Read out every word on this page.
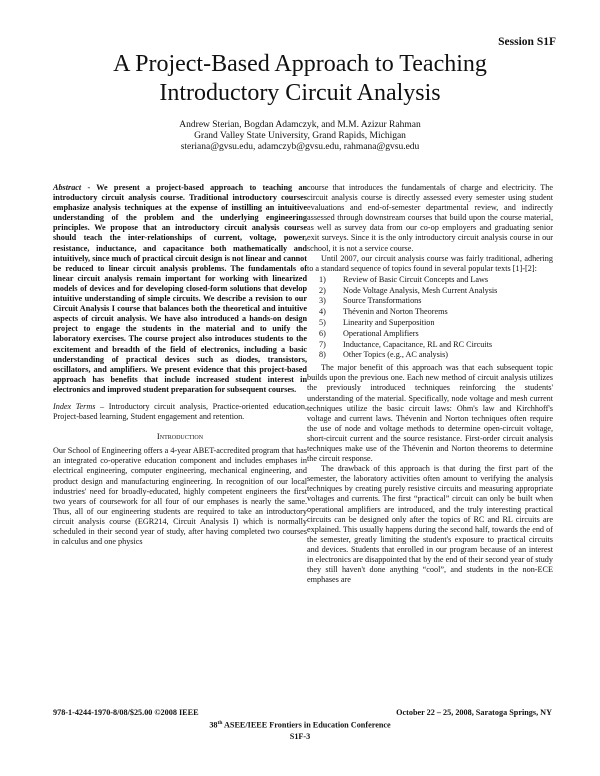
Session S1F
A Project-Based Approach to Teaching
Introductory Circuit Analysis
Andrew Sterian, Bogdan Adamczyk, and M.M. Azizur Rahman
Grand Valley State University, Grand Rapids, Michigan
steriana@gvsu.edu, adamczyb@gvsu.edu, rahmana@gvsu.edu

Abstract - We present a project-based approach to teaching an introductory circuit analysis course. Traditional introductory courses emphasize analysis techniques at the expense of instilling an intuitive understanding of the problem and the underlying engineering principles. We propose that an introductory circuit analysis course should teach the inter-relationships of current, voltage, power, resistance, inductance, and capacitance both mathematically and intuitively, since much of practical circuit design is not linear and cannot be reduced to linear circuit analysis problems. The fundamentals of linear circuit analysis remain important for working with linearized models of devices and for developing closed-form solutions that develop intuitive understanding of simple circuits. We describe a revision to our Circuit Analysis I course that balances both the theoretical and intuitive aspects of circuit analysis. We have also introduced a hands-on design project to engage the students in the material and to unify the laboratory exercises. The course project also introduces students to the excitement and breadth of the field of electronics, including a basic understanding of practical devices such as diodes, transistors, oscillators, and amplifiers. We present evidence that this project-based approach has benefits that include increased student interest in electronics and improved student preparation for subsequent courses.

Index Terms – Introductory circuit analysis, Practice-oriented education, Project-based learning, Student engagement and retention.

Introduction

Our School of Engineering offers a 4-year ABET-accredited program that has an integrated co-operative education component and includes emphases in electrical engineering, computer engineering, mechanical engineering, and product design and manufacturing engineering. In recognition of our local industries' need for broadly-educated, highly competent engineers the first two years of coursework for all four of our emphases is nearly the same. Thus, all of our engineering students are required to take an introductory circuit analysis course (EGR214, Circuit Analysis I) which is normally scheduled in their second year of study, after having completed two courses in calculus and one physics

course that introduces the fundamentals of charge and electricity. The circuit analysis course is directly assessed every semester using student evaluations and end-of-semester departmental review, and indirectly assessed through downstream courses that build upon the course material, as well as survey data from our co-op employers and graduating senior exit surveys. Since it is the only introductory circuit analysis course in our school, it is not a service course.

Until 2007, our circuit analysis course was fairly traditional, adhering to a standard sequence of topics found in several popular texts [1]-[2]:

1) Review of Basic Circuit Concepts and Laws
2) Node Voltage Analysis, Mesh Current Analysis
3) Source Transformations
4) Thévenin and Norton Theorems
5) Linearity and Superposition
6) Operational Amplifiers
7) Inductance, Capacitance, RL and RC Circuits
8) Other Topics (e.g., AC analysis)

The major benefit of this approach was that each subsequent topic builds upon the previous one. Each new method of circuit analysis utilizes the previously introduced techniques reinforcing the students' understanding of the material. Specifically, node voltage and mesh current techniques utilize the basic circuit laws: Ohm's law and Kirchhoff's voltage and current laws. Thévenin and Norton techniques often require the use of node and voltage methods to determine open-circuit voltage, short-circuit current and the source resistance. First-order circuit analysis techniques make use of the Thévenin and Norton theorems to determine the circuit response.

The drawback of this approach is that during the first part of the semester, the laboratory activities often amount to verifying the analysis techniques by creating purely resistive circuits and measuring appropriate voltages and currents. The first “practical” circuit can only be built when operational amplifiers are introduced, and the truly interesting practical circuits can be designed only after the topics of RC and RL circuits are explained. This usually happens during the second half, towards the end of the semester, greatly limiting the student's exposure to practical circuits and devices. Students that enrolled in our program because of an interest in electronics are disappointed that by the end of their second year of study they still haven't done anything “cool”, and students in the non-ECE emphases are

978-1-4244-1970-8/08/$25.00 ©2008 IEEE	October 22 – 25, 2008, Saratoga Springs, NY
38th ASEE/IEEE Frontiers in Education Conference
S1F-3
